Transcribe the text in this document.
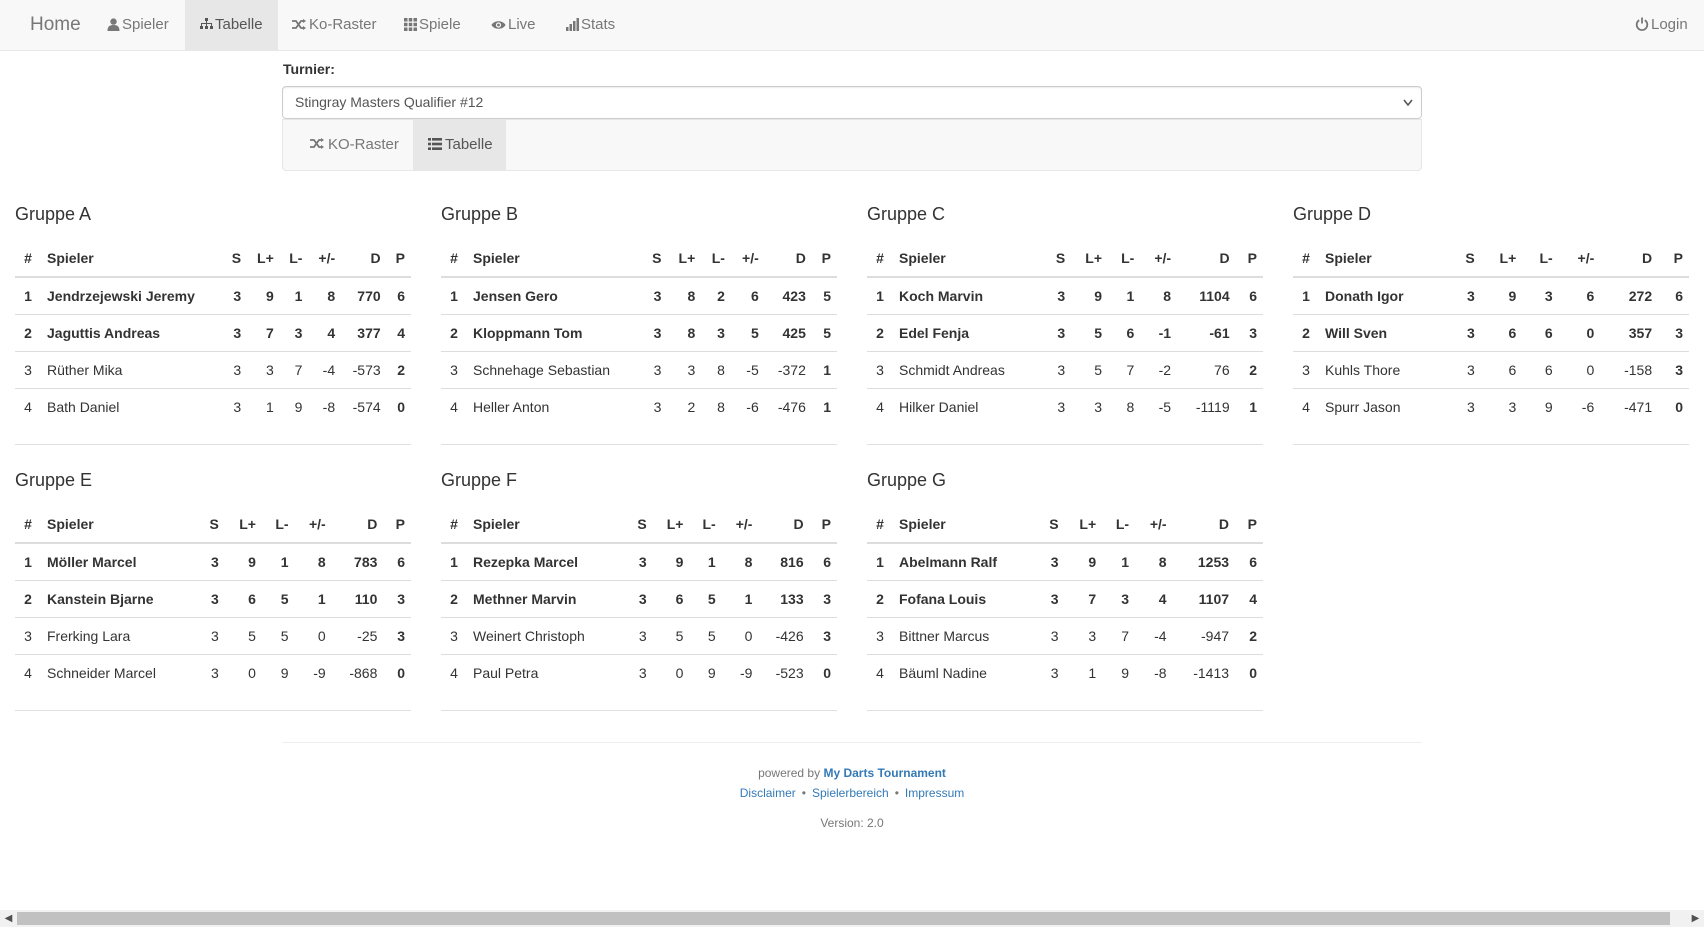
Home	Spieler	Tabelle	Ko-Raster	Spiele	Live	Stats	Login
Turnier:
Stingray Masters Qualifier #12
KO-Raster	Tabelle
Gruppe A
#	Spieler	S	L+	L-	+/-	D	P
1	Jendrzejewski Jeremy	3	9	1	8	770	6
2	Jaguttis Andreas	3	7	3	4	377	4
3	Rüther Mika	3	3	7	-4	-573	2
4	Bath Daniel	3	1	9	-8	-574	0
Gruppe B
#	Spieler	S	L+	L-	+/-	D	P
1	Jensen Gero	3	8	2	6	423	5
2	Kloppmann Tom	3	8	3	5	425	5
3	Schnehage Sebastian	3	3	8	-5	-372	1
4	Heller Anton	3	2	8	-6	-476	1
Gruppe C
#	Spieler	S	L+	L-	+/-	D	P
1	Koch Marvin	3	9	1	8	1104	6
2	Edel Fenja	3	5	6	-1	-61	3
3	Schmidt Andreas	3	5	7	-2	76	2
4	Hilker Daniel	3	3	8	-5	-1119	1
Gruppe D
#	Spieler	S	L+	L-	+/-	D	P
1	Donath Igor	3	9	3	6	272	6
2	Will Sven	3	6	6	0	357	3
3	Kuhls Thore	3	6	6	0	-158	3
4	Spurr Jason	3	3	9	-6	-471	0
Gruppe E
#	Spieler	S	L+	L-	+/-	D	P
1	Möller Marcel	3	9	1	8	783	6
2	Kanstein Bjarne	3	6	5	1	110	3
3	Frerking Lara	3	5	5	0	-25	3
4	Schneider Marcel	3	0	9	-9	-868	0
Gruppe F
#	Spieler	S	L+	L-	+/-	D	P
1	Rezepka Marcel	3	9	1	8	816	6
2	Methner Marvin	3	6	5	1	133	3
3	Weinert Christoph	3	5	5	0	-426	3
4	Paul Petra	3	0	9	-9	-523	0
Gruppe G
#	Spieler	S	L+	L-	+/-	D	P
1	Abelmann Ralf	3	9	1	8	1253	6
2	Fofana Louis	3	7	3	4	1107	4
3	Bittner Marcus	3	3	7	-4	-947	2
4	Bäuml Nadine	3	1	9	-8	-1413	0
powered by My Darts Tournament
Disclaimer • Spielerbereich • Impressum
Version: 2.0
◀	▶
